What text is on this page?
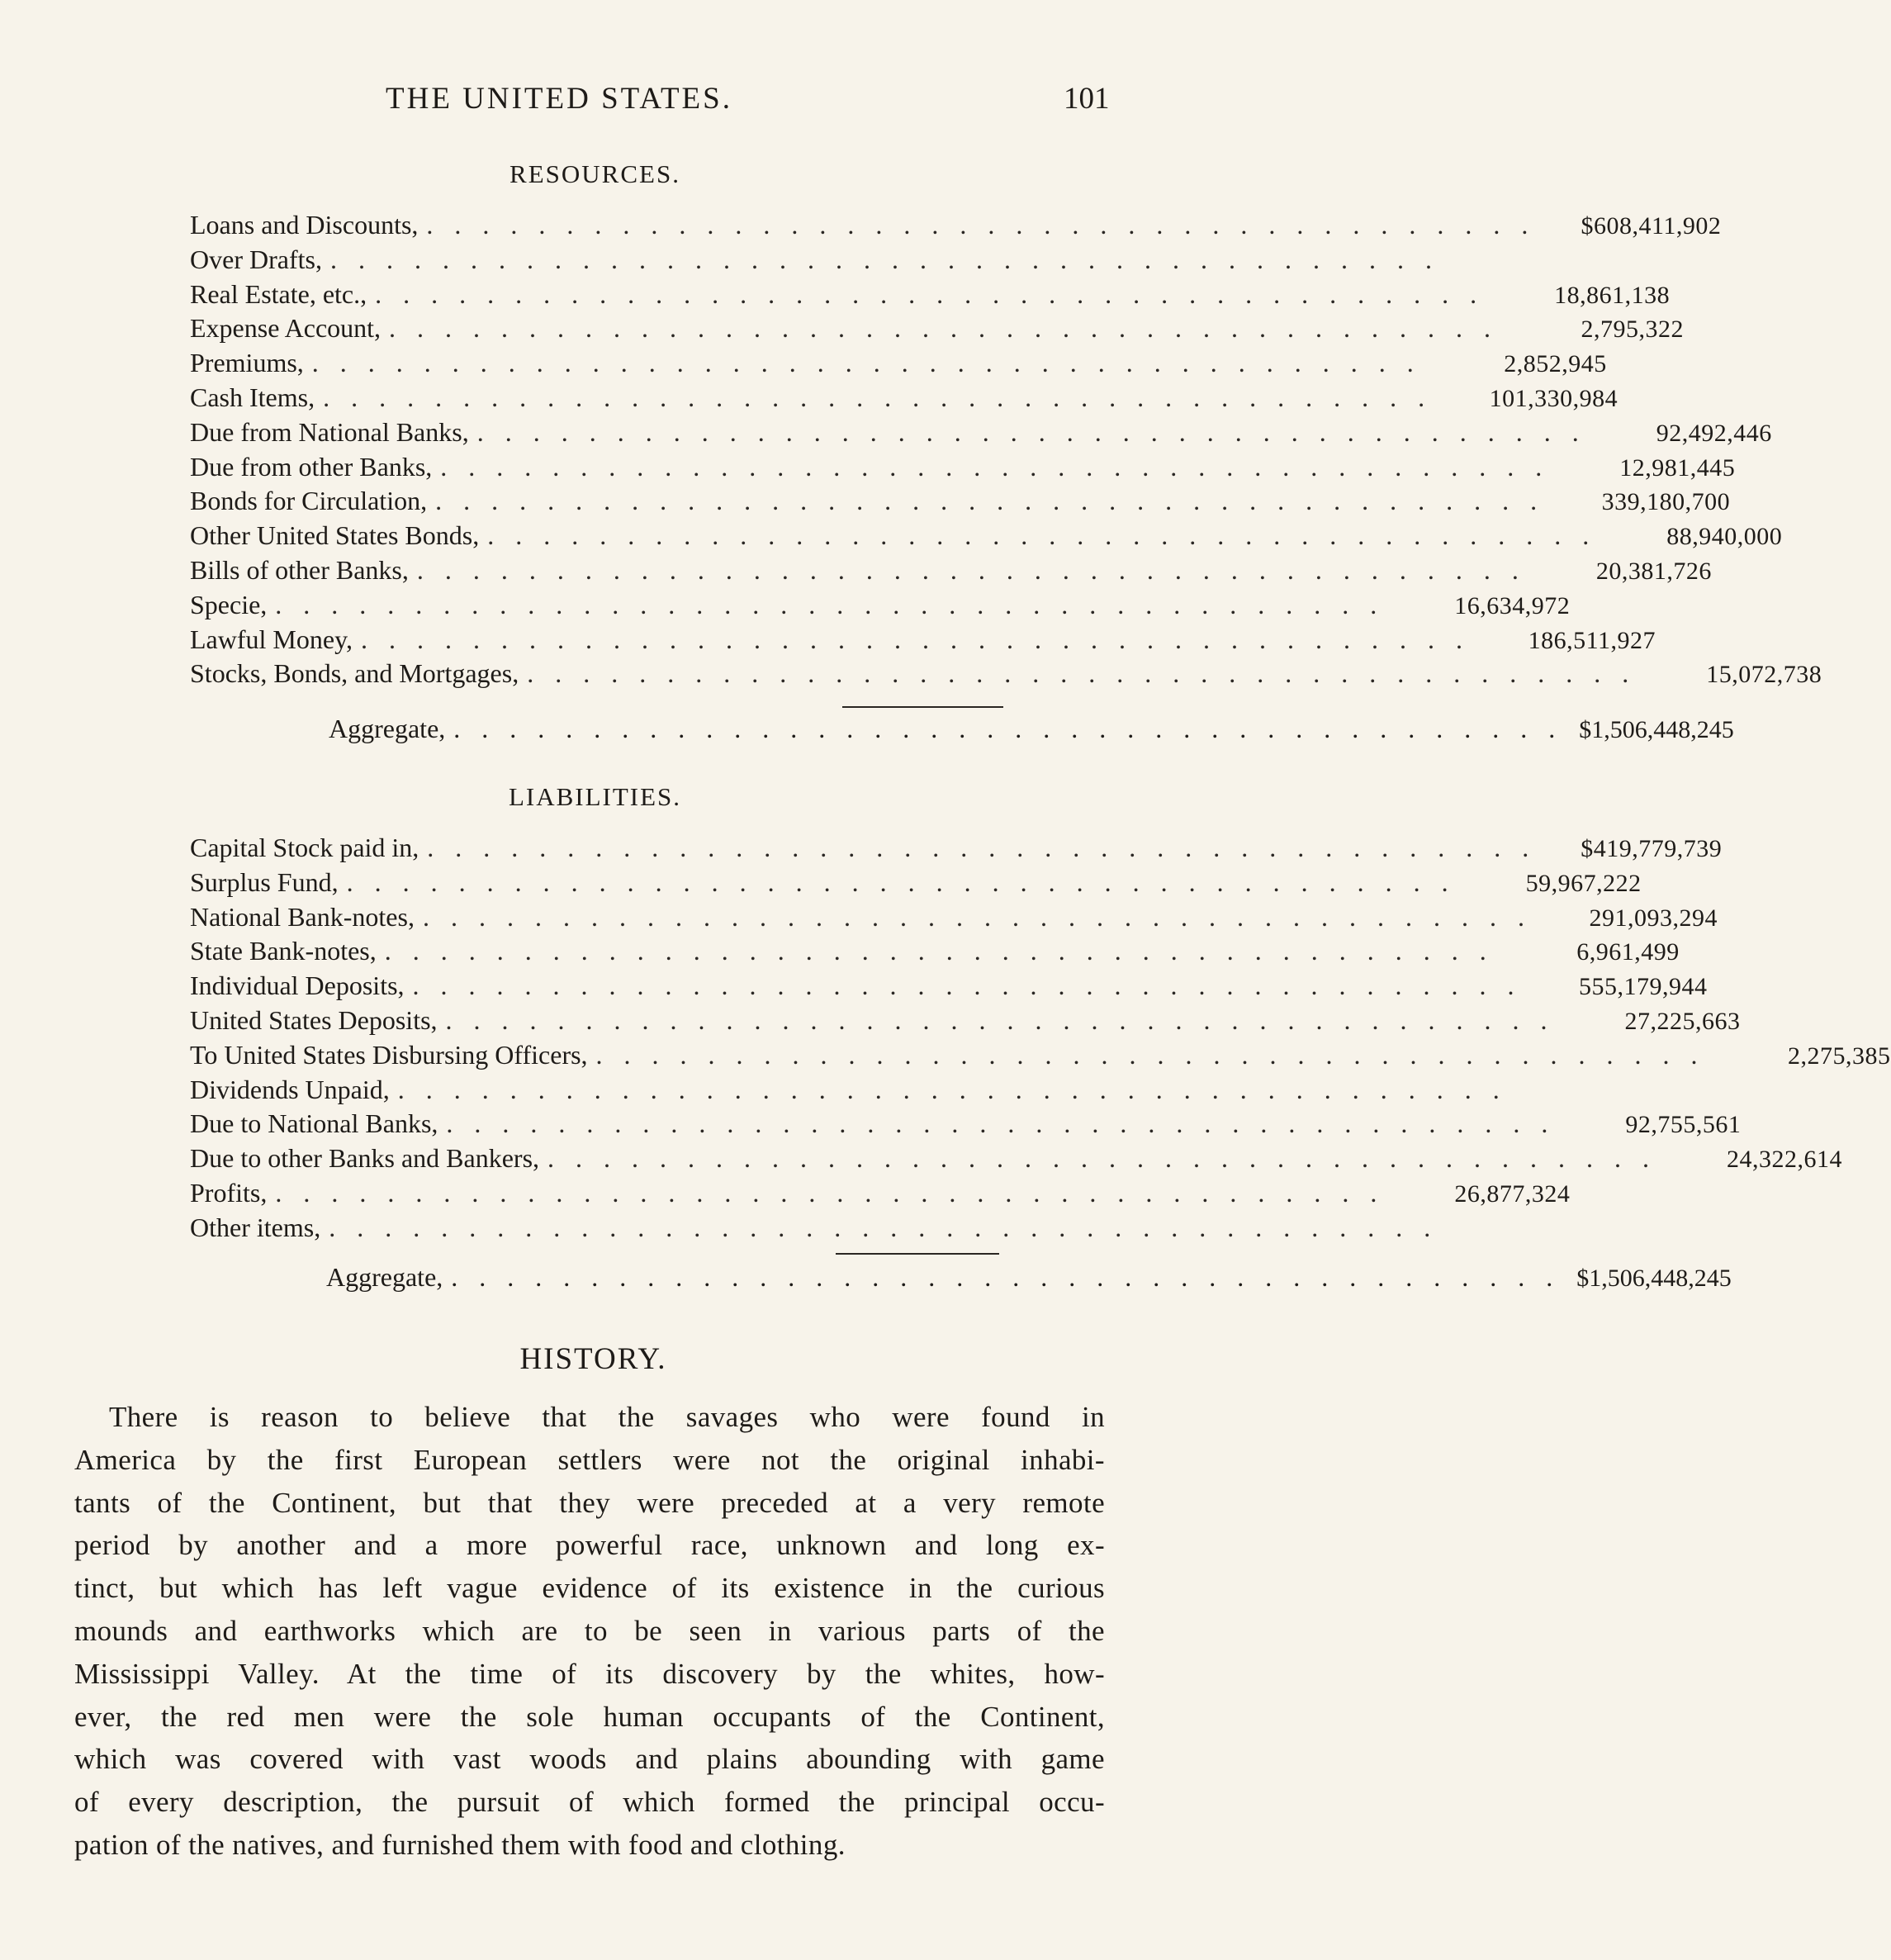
THE UNITED STATES.	101
RESOURCES.
Loans and Discounts, . . . . . . . . . . . . . . . . . . . . . . . . . . . . . . . . . . . . . . . .	$608,411,902
Over Drafts, . . . . . . . . . . . . . . . . . . . . . . . . . . . . . . . . . . . . . . . .
Real Estate, etc., . . . . . . . . . . . . . . . . . . . . . . . . . . . . . . . . . . . . . . . .	18,861,138
Expense Account, . . . . . . . . . . . . . . . . . . . . . . . . . . . . . . . . . . . . . . . .	2,795,322
Premiums, . . . . . . . . . . . . . . . . . . . . . . . . . . . . . . . . . . . . . . . .	2,852,945
Cash Items, . . . . . . . . . . . . . . . . . . . . . . . . . . . . . . . . . . . . . . . .	101,330,984
Due from National Banks, . . . . . . . . . . . . . . . . . . . . . . . . . . . . . . . . . . . . . . . .	92,492,446
Due from other Banks, . . . . . . . . . . . . . . . . . . . . . . . . . . . . . . . . . . . . . . . .	12,981,445
Bonds for Circulation, . . . . . . . . . . . . . . . . . . . . . . . . . . . . . . . . . . . . . . . .	339,180,700
Other United States Bonds, . . . . . . . . . . . . . . . . . . . . . . . . . . . . . . . . . . . . . . . .	88,940,000
Bills of other Banks, . . . . . . . . . . . . . . . . . . . . . . . . . . . . . . . . . . . . . . . .	20,381,726
Specie, . . . . . . . . . . . . . . . . . . . . . . . . . . . . . . . . . . . . . . . .	16,634,972
Lawful Money, . . . . . . . . . . . . . . . . . . . . . . . . . . . . . . . . . . . . . . . .	186,511,927
Stocks, Bonds, and Mortgages, . . . . . . . . . . . . . . . . . . . . . . . . . . . . . . . . . . . . . . . .	15,072,738
Aggregate, . . . . . . . . . . . . . . . . . . . . . . . . . . . . . . . . . . . . . . . . $1,506,448,245
LIABILITIES.
Capital Stock paid in, . . . . . . . . . . . . . . . . . . . . . . . . . . . . . . . . . . . . . . . .	$419,779,739
Surplus Fund, . . . . . . . . . . . . . . . . . . . . . . . . . . . . . . . . . . . . . . . .	59,967,222
National Bank-notes, . . . . . . . . . . . . . . . . . . . . . . . . . . . . . . . . . . . . . . . .	291,093,294
State Bank-notes, . . . . . . . . . . . . . . . . . . . . . . . . . . . . . . . . . . . . . . . .	6,961,499
Individual Deposits, . . . . . . . . . . . . . . . . . . . . . . . . . . . . . . . . . . . . . . . .	555,179,944
United States Deposits, . . . . . . . . . . . . . . . . . . . . . . . . . . . . . . . . . . . . . . . .	27,225,663
To United States Disbursing Officers, . . . . . . . . . . . . . . . . . . . . . . . . . . . . . . . . . . . . . . . .	2,275,385
Dividends Unpaid, . . . . . . . . . . . . . . . . . . . . . . . . . . . . . . . . . . . . . . . .
Due to National Banks, . . . . . . . . . . . . . . . . . . . . . . . . . . . . . . . . . . . . . . . .	92,755,561
Due to other Banks and Bankers, . . . . . . . . . . . . . . . . . . . . . . . . . . . . . . . . . . . . . . . .	24,322,614
Profits, . . . . . . . . . . . . . . . . . . . . . . . . . . . . . . . . . . . . . . . .	26,877,324
Other items, . . . . . . . . . . . . . . . . . . . . . . . . . . . . . . . . . . . . . . . .
Aggregate, . . . . . . . . . . . . . . . . . . . . . . . . . . . . . . . . . . . . . . . . $1,506,448,245
HISTORY.
There is reason to believe that the savages who were found in
America by the first European settlers were not the original inhabi-
tants of the Continent, but that they were preceded at a very remote
period by another and a more powerful race, unknown and long ex-
tinct, but which has left vague evidence of its existence in the curious
mounds and earthworks which are to be seen in various parts of the
Mississippi Valley. At the time of its discovery by the whites, how-
ever, the red men were the sole human occupants of the Continent,
which was covered with vast woods and plains abounding with game
of every description, the pursuit of which formed the principal occu-
pation of the natives, and furnished them with food and clothing.
